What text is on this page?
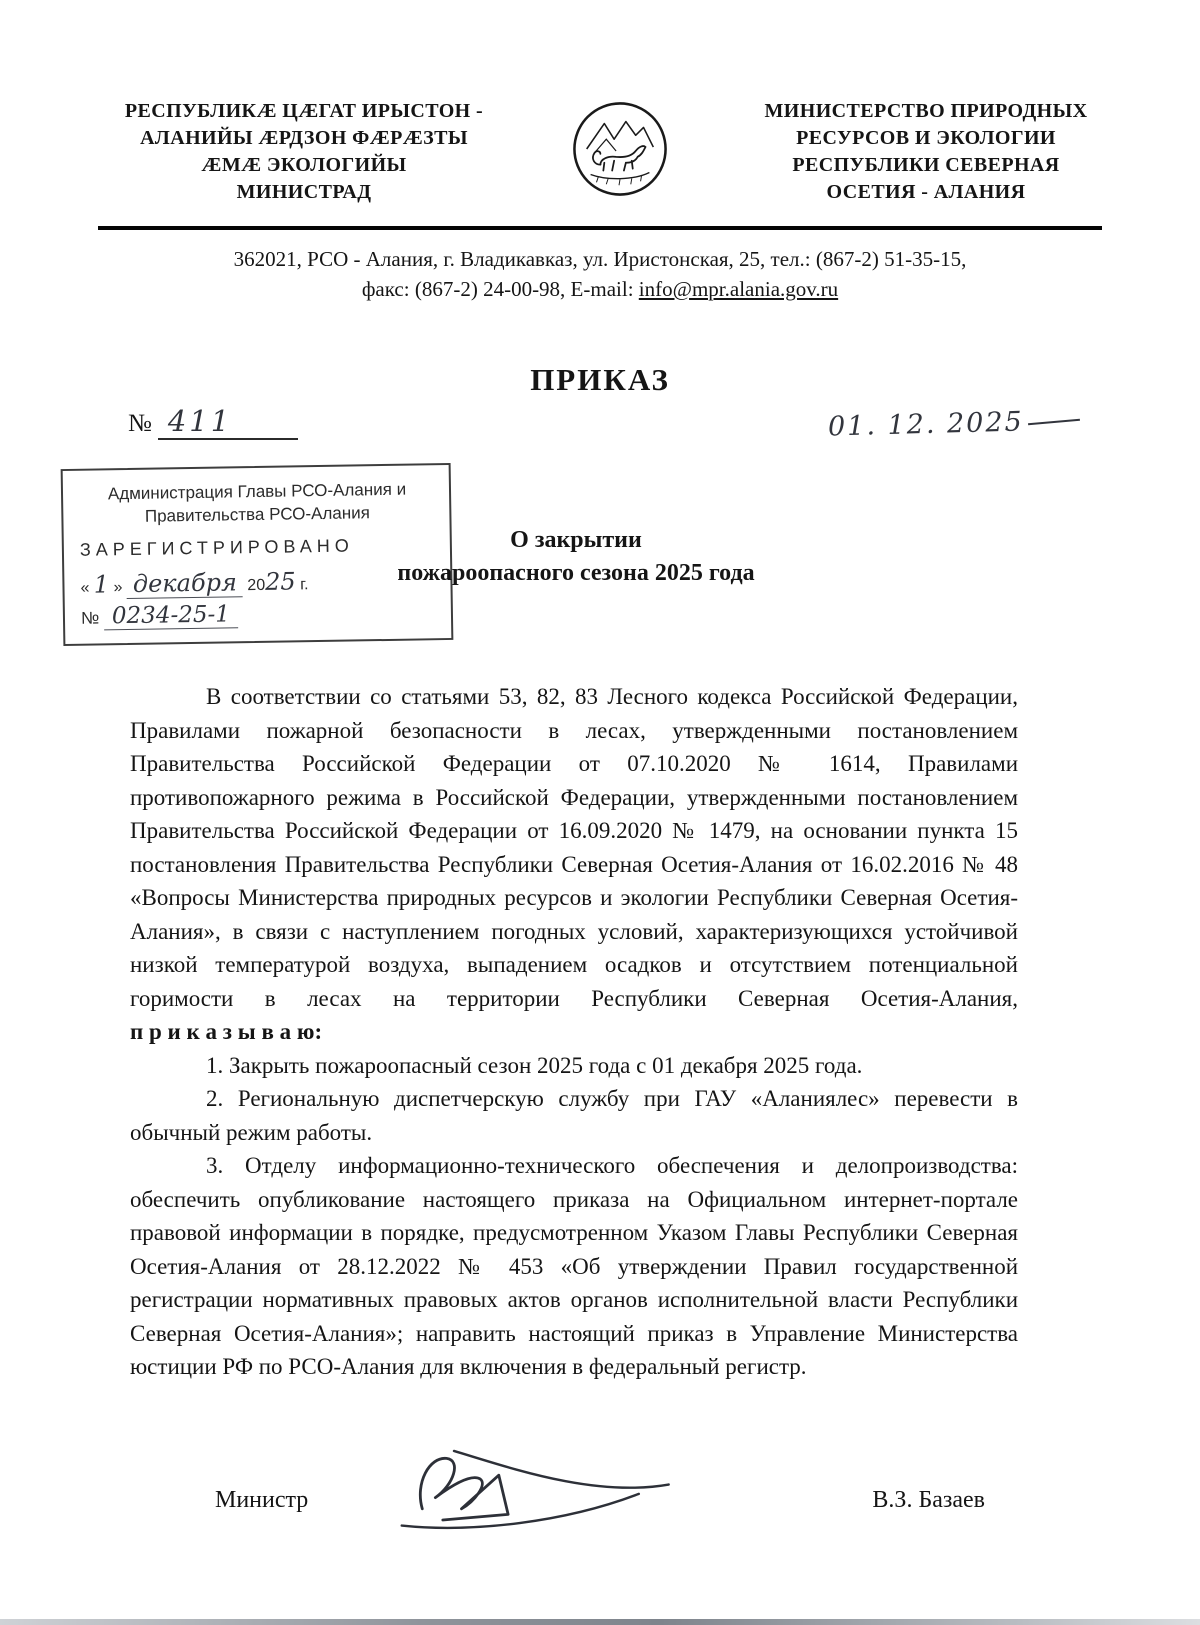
РЕСПУБЛИКÆ ЦÆГАТ ИРЫСТОН -
АЛАНИЙЫ ÆРДЗОН ФÆРÆЗТЫ
ÆМÆ ЭКОЛОГИЙЫ
МИНИСТРАД
МИНИСТЕРСТВО ПРИРОДНЫХ
РЕСУРСОВ И ЭКОЛОГИИ
РЕСПУБЛИКИ СЕВЕРНАЯ
ОСЕТИЯ - АЛАНИЯ
362021, РСО - Алания, г. Владикавказ, ул. Иристонская, 25, тел.: (867-2) 51-35-15,
факс: (867-2) 24-00-98, E-mail: info@mpr.alania.gov.ru
ПРИКАЗ
№ 411	01. 12. 2025
Администрация Главы РСО-Алания и
Правительства РСО-Алания
ЗАРЕГИСТРИРОВАНО
« 1 » декабря 2025 г.
№ 0234-25-1
О закрытии
пожароопасного сезона 2025 года

В соответствии со статьями 53, 82, 83 Лесного кодекса Российской Федерации, Правилами пожарной безопасности в лесах, утвержденными постановлением Правительства Российской Федерации от 07.10.2020 № 1614, Правилами противопожарного режима в Российской Федерации, утвержденными постановлением Правительства Российской Федерации от 16.09.2020 № 1479, на основании пункта 15 постановления Правительства Республики Северная Осетия-Алания от 16.02.2016 № 48 «Вопросы Министерства природных ресурсов и экологии Республики Северная Осетия-Алания», в связи с наступлением погодных условий, характеризующихся устойчивой низкой температурой воздуха, выпадением осадков и отсутствием потенциальной горимости в лесах на территории Республики Северная Осетия-Алания, п р и к а з ы в а ю:

1. Закрыть пожароопасный сезон 2025 года с 01 декабря 2025 года.

2. Региональную диспетчерскую службу при ГАУ «Аланиялес» перевести в обычный режим работы.

3. Отделу информационно-технического обеспечения и делопроизводства: обеспечить опубликование настоящего приказа на Официальном интернет-портале правовой информации в порядке, предусмотренном Указом Главы Республики Северная Осетия-Алания от 28.12.2022 № 453 «Об утверждении Правил государственной регистрации нормативных правовых актов органов исполнительной власти Республики Северная Осетия-Алания»; направить настоящий приказ в Управление Министерства юстиции РФ по РСО-Алания для включения в федеральный регистр.

Министр	В.З. Базаев
